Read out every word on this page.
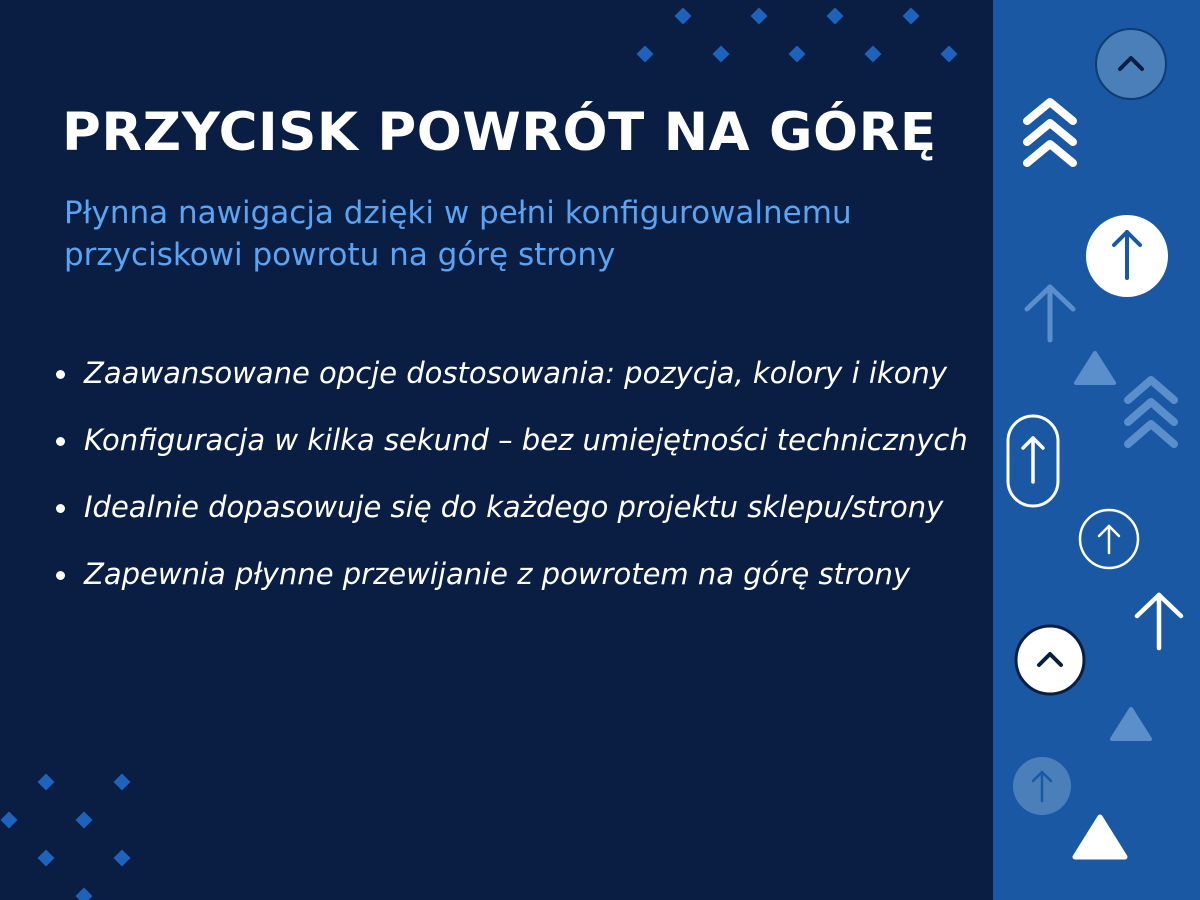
PRZYCISK POWRÓT NA GÓRĘ

Płynna nawigacja dzięki w pełni konfigurowalnemu przyciskowi powrotu na górę strony

Zaawansowane opcje dostosowania: pozycja, kolory i ikony
Konfiguracja w kilka sekund – bez umiejętności technicznych
Idealnie dopasowuje się do każdego projektu sklepu/strony
Zapewnia płynne przewijanie z powrotem na górę strony
